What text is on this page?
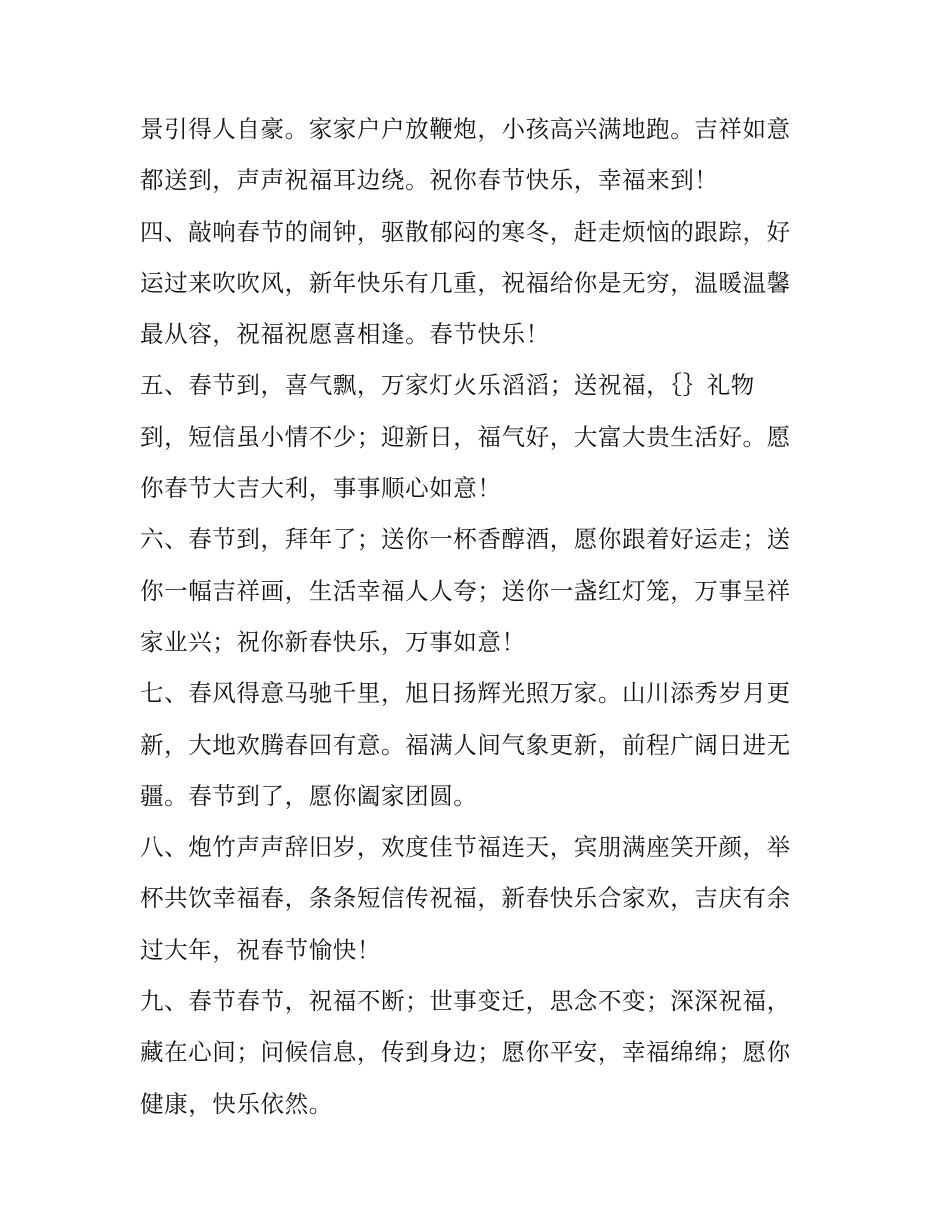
景引得人自豪。家家户户放鞭炮，小孩高兴满地跑。吉祥如意
都送到，声声祝福耳边绕。祝你春节快乐，幸福来到！
四、敲响春节的闹钟，驱散郁闷的寒冬，赶走烦恼的跟踪，好
运过来吹吹风，新年快乐有几重，祝福给你是无穷，温暖温馨
最从容，祝福祝愿喜相逢。春节快乐！
五、春节到，喜气飘，万家灯火乐滔滔；送祝福，｛｝礼物
到，短信虽小情不少；迎新日，福气好，大富大贵生活好。愿
你春节大吉大利，事事顺心如意！
六、春节到，拜年了；送你一杯香醇酒，愿你跟着好运走；送
你一幅吉祥画，生活幸福人人夸；送你一盏红灯笼，万事呈祥
家业兴；祝你新春快乐，万事如意！
七、春风得意马驰千里，旭日扬辉光照万家。山川添秀岁月更
新，大地欢腾春回有意。福满人间气象更新，前程广阔日进无
疆。春节到了，愿你阖家团圆。
八、炮竹声声辞旧岁，欢度佳节福连天，宾朋满座笑开颜，举
杯共饮幸福春，条条短信传祝福，新春快乐合家欢，吉庆有余
过大年，祝春节愉快！
九、春节春节，祝福不断；世事变迁，思念不变；深深祝福，
藏在心间；问候信息，传到身边；愿你平安，幸福绵绵；愿你
健康，快乐依然。
